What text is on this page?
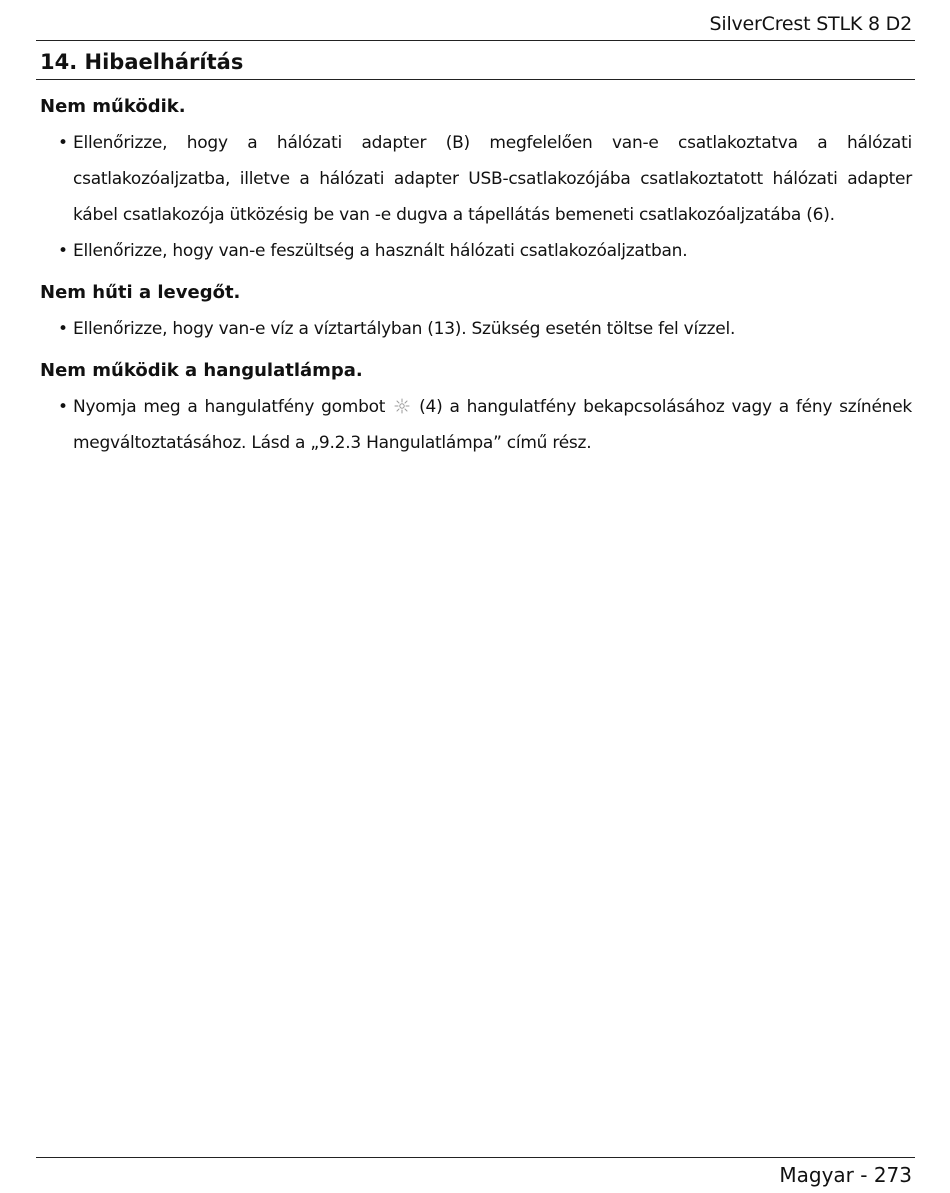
SilverCrest STLK 8 D2
14. Hibaelhárítás
Nem működik.
• Ellenőrizze, hogy a hálózati adapter (B) megfelelően van-e csatlakoztatva a hálózati csatlakozóaljzatba, illetve a hálózati adapter USB-csatlakozójába csatlakoztatott hálózati adapter kábel csatlakozója ütközésig be van -e dugva a tápellátás bemeneti csatlakozóaljzatába (6).
• Ellenőrizze, hogy van-e feszültség a használt hálózati csatlakozóaljzatban.
Nem hűti a levegőt.
• Ellenőrizze, hogy van-e víz a víztartályban (13). Szükség esetén töltse fel vízzel.
Nem működik a hangulatlámpa.
• Nyomja meg a hangulatfény gombot  (4) a hangulatfény bekapcsolásához vagy a fény színének megváltoztatásához. Lásd a „9.2.3 Hangulatlámpa” című rész.
Magyar - 273
